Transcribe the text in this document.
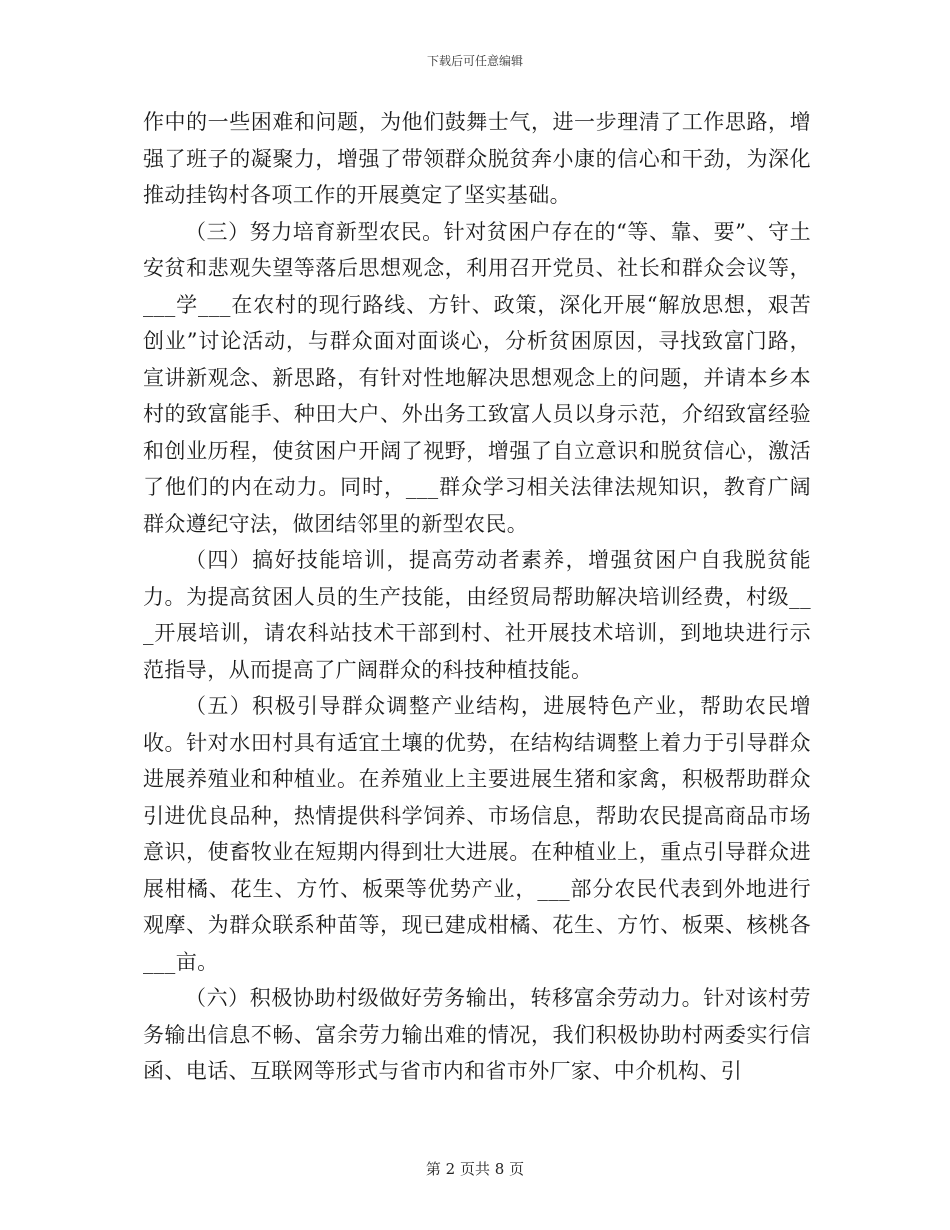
下载后可任意编辑

作中的一些困难和问题，为他们鼓舞士气，进一步理清了工作思路，增强了班子的凝聚力，增强了带领群众脱贫奔小康的信心和干劲，为深化推动挂钩村各项工作的开展奠定了坚实基础。

（三）努力培育新型农民。针对贫困户存在的“等、靠、要”、守土安贫和悲观失望等落后思想观念，利用召开党员、社长和群众会议等，___学___在农村的现行路线、方针、政策，深化开展“解放思想，艰苦创业”讨论活动，与群众面对面谈心，分析贫困原因，寻找致富门路，宣讲新观念、新思路，有针对性地解决思想观念上的问题，并请本乡本村的致富能手、种田大户、外出务工致富人员以身示范，介绍致富经验和创业历程，使贫困户开阔了视野，增强了自立意识和脱贫信心，激活了他们的内在动力。同时，___群众学习相关法律法规知识，教育广阔群众遵纪守法，做团结邻里的新型农民。

（四）搞好技能培训，提高劳动者素养，增强贫困户自我脱贫能力。为提高贫困人员的生产技能，由经贸局帮助解决培训经费，村级___开展培训，请农科站技术干部到村、社开展技术培训，到地块进行示范指导，从而提高了广阔群众的科技种植技能。

（五）积极引导群众调整产业结构，进展特色产业，帮助农民增收。针对水田村具有适宜土壤的优势，在结构结调整上着力于引导群众进展养殖业和种植业。在养殖业上主要进展生猪和家禽，积极帮助群众引进优良品种，热情提供科学饲养、市场信息，帮助农民提高商品市场意识，使畜牧业在短期内得到壮大进展。在种植业上，重点引导群众进展柑橘、花生、方竹、板栗等优势产业，___部分农民代表到外地进行观摩、为群众联系种苗等，现已建成柑橘、花生、方竹、板栗、核桃各___亩。

（六）积极协助村级做好劳务输出，转移富余劳动力。针对该村劳务输出信息不畅、富余劳力输出难的情况，我们积极协助村两委实行信函、电话、互联网等形式与省市内和省市外厂家、中介机构、引

第 2 页共 8 页
